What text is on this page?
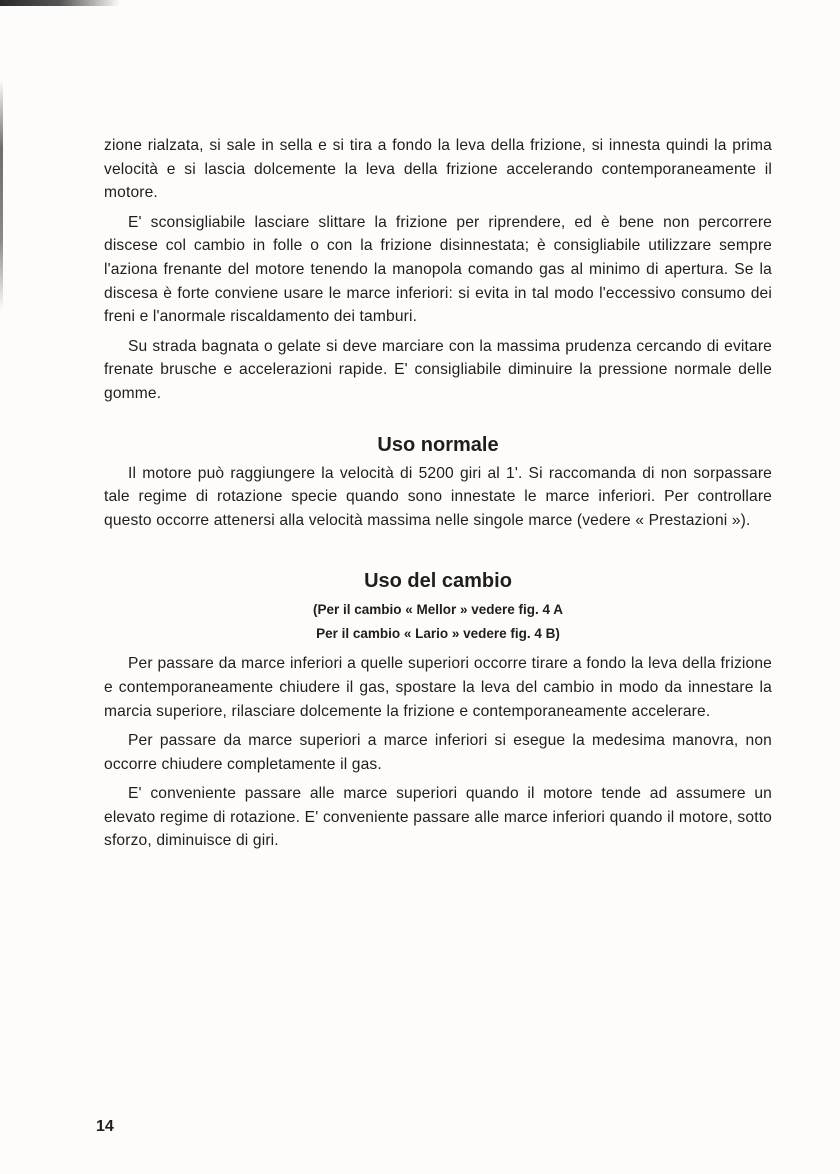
zione rialzata, si sale in sella e si tira a fondo la leva della frizione, si innesta quindi la prima velocità e si lascia dolcemente la leva della frizione accelerando contemporaneamente il motore.

E' sconsigliabile lasciare slittare la frizione per riprendere, ed è bene non percorrere discese col cambio in folle o con la frizione disinnestata; è consigliabile utilizzare sempre l'aziona frenante del motore tenendo la manopola comando gas al minimo di apertura. Se la discesa è forte conviene usare le marce inferiori: si evita in tal modo l'eccessivo consumo dei freni e l'anormale riscaldamento dei tamburi.

Su strada bagnata o gelate si deve marciare con la massima prudenza cercando di evitare frenate brusche e accelerazioni rapide. E' consigliabile diminuire la pressione normale delle gomme.

Uso normale

Il motore può raggiungere la velocità di 5200 giri al 1'. Si raccomanda di non sorpassare tale regime di rotazione specie quando sono innestate le marce inferiori. Per controllare questo occorre attenersi alla velocità massima nelle singole marce (vedere « Prestazioni »).

Uso del cambio
(Per il cambio « Mellor » vedere fig. 4 A
Per il cambio « Lario » vedere fig. 4 B)

Per passare da marce inferiori a quelle superiori occorre tirare a fondo la leva della frizione e contemporaneamente chiudere il gas, spostare la leva del cambio in modo da innestare la marcia superiore, rilasciare dolcemente la frizione e contemporaneamente accelerare.

Per passare da marce superiori a marce inferiori si esegue la medesima manovra, non occorre chiudere completamente il gas.

E' conveniente passare alle marce superiori quando il motore tende ad assumere un elevato regime di rotazione. E' conveniente passare alle marce inferiori quando il motore, sotto sforzo, diminuisce di giri.

14
